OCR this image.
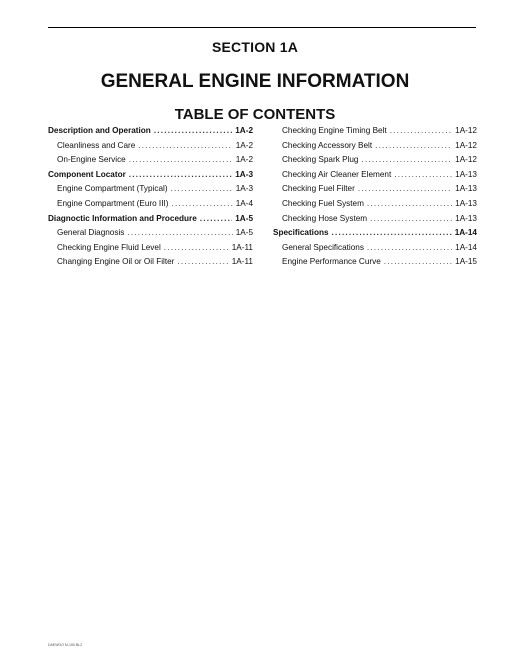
SECTION 1A
GENERAL ENGINE INFORMATION
TABLE OF CONTENTS
Description and Operation .....	1A-2
Cleanliness and Care .....	1A-2
On-Engine Service .....	1A-2
Component Locator .....	1A-3
Engine Compartment (Typical) .....	1A-3
Engine Compartment (Euro III) .....	1A-4
Diagnoctic Information and Procedure .....	1A-5
General Diagnosis .....	1A-5
Checking Engine Fluid Level .....	1A-11
Changing Engine Oil or Oil Filter .....	1A-11
Checking Engine Timing Belt .....	1A-12
Checking Accessory Belt .....	1A-12
Checking Spark Plug .....	1A-12
Checking Air Cleaner Element .....	1A-13
Checking Fuel Filter .....	1A-13
Checking Fuel System .....	1A-13
Checking Hose System .....	1A-13
Specifications .....	1A-14
General Specifications .....	1A-14
Engine Performance Curve .....	1A-15
DAEWOO M-150 BL2
